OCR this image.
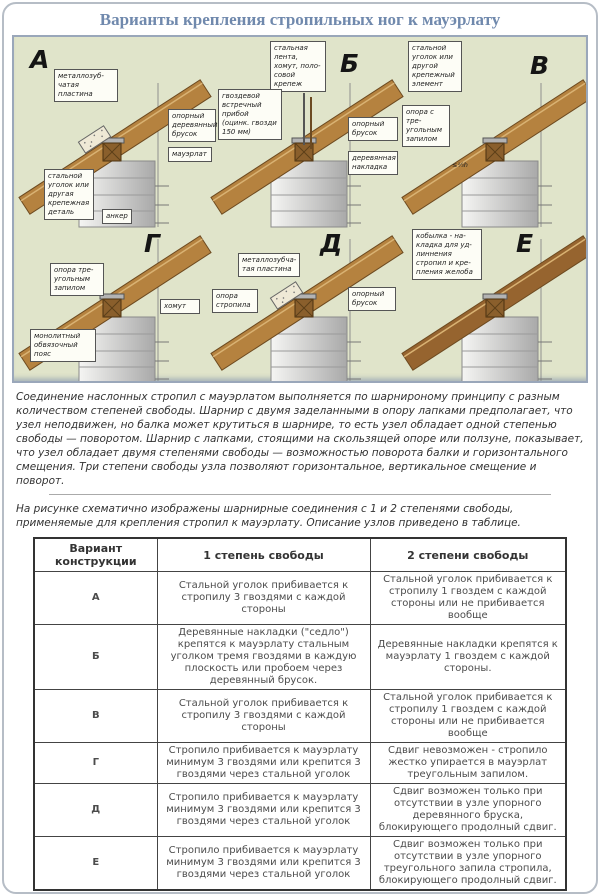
Варианты крепления стропильных ног к мауэрлату
А
металлозуб-чатая пластина
опорный деревянный брусок
мауэрлат
стальной уголок или другая крепежная деталь	анкер
Б
стальная лента, хомут, поло-совой крепеж
гвоздевой встречный прибой (оцинк. гвозди 150 мм)
опорный брусок
деревянная накладка
В
стальной уголок или другой крепежный элемент
опора с тре-угольным запилом
≤⅓h
Г
опора тре-угольным запилом
хомут
монолитный обвязочный пояс
Д
металлозубча-тая пластина
опора стропила
опорный брусок
Е
кобылка - на-кладка для уд-линнения стропил и кре-пления желоба
Соединение наслонных стропил с мауэрлатом выполняется по шарнироному принципу с разным количеством степеней свободы. Шарнир с двумя заделанными в опору лапками предполагает, что узел неподвижен, но балка может крутиться в шарнире, то есть узел обладает одной степенью свободы — поворотом. Шарнир с лапками, стоящими на скользящей опоре или ползуне, показывает, что узел обладает двумя степенями свободы — возможностью поворота балки и горизонтального смещения. Три степени свободы узла позволяют горизонтальное, вертикальное смещение и поворот.
На рисунке схематично изображены шарнирные соединения с 1 и 2 степенями свободы, применяемые для крепления стропил к мауэрлату. Описание узлов приведено в таблице.
Вариант конструкции	1 степень свободы	2 степени свободы
А	Стальной уголок прибивается к стропилу 3 гвоздями с каждой стороны	Стальной уголок прибивается к стропилу 1 гвоздем с каждой стороны или не прибивается вообще
Б	Деревянные накладки ("седло") крепятся к мауэрлату стальным уголком тремя гвоздями в каждую плоскость или пробоем через деревянный брусок.	Деревянные накладки крепятся к мауэрлату 1 гвоздем с каждой стороны.
В	Стальной уголок прибивается к стропилу 3 гвоздями с каждой стороны	Стальной уголок прибивается к стропилу 1 гвоздем с каждой стороны или не прибивается вообще
Г	Стропило прибивается к мауэрлату минимум 3 гвоздями или крепится 3 гвоздями через стальной уголок	Сдвиг невозможен - стропило жестко упирается в мауэрлат треугольным запилом.
Д	Стропило прибивается к мауэрлату минимум 3 гвоздями или крепится 3 гвоздями через стальной уголок	Сдвиг возможен только при отсутствии в узле упорного деревянного бруска, блокирующего продолный сдвиг.
Е	Стропило прибивается к мауэрлату минимум 3 гвоздями или крепится 3 гвоздями через стальной уголок	Сдвиг возможен только при отсутствии в узле упорного треугольного запила стропила, блокирующего продолный сдвиг.
